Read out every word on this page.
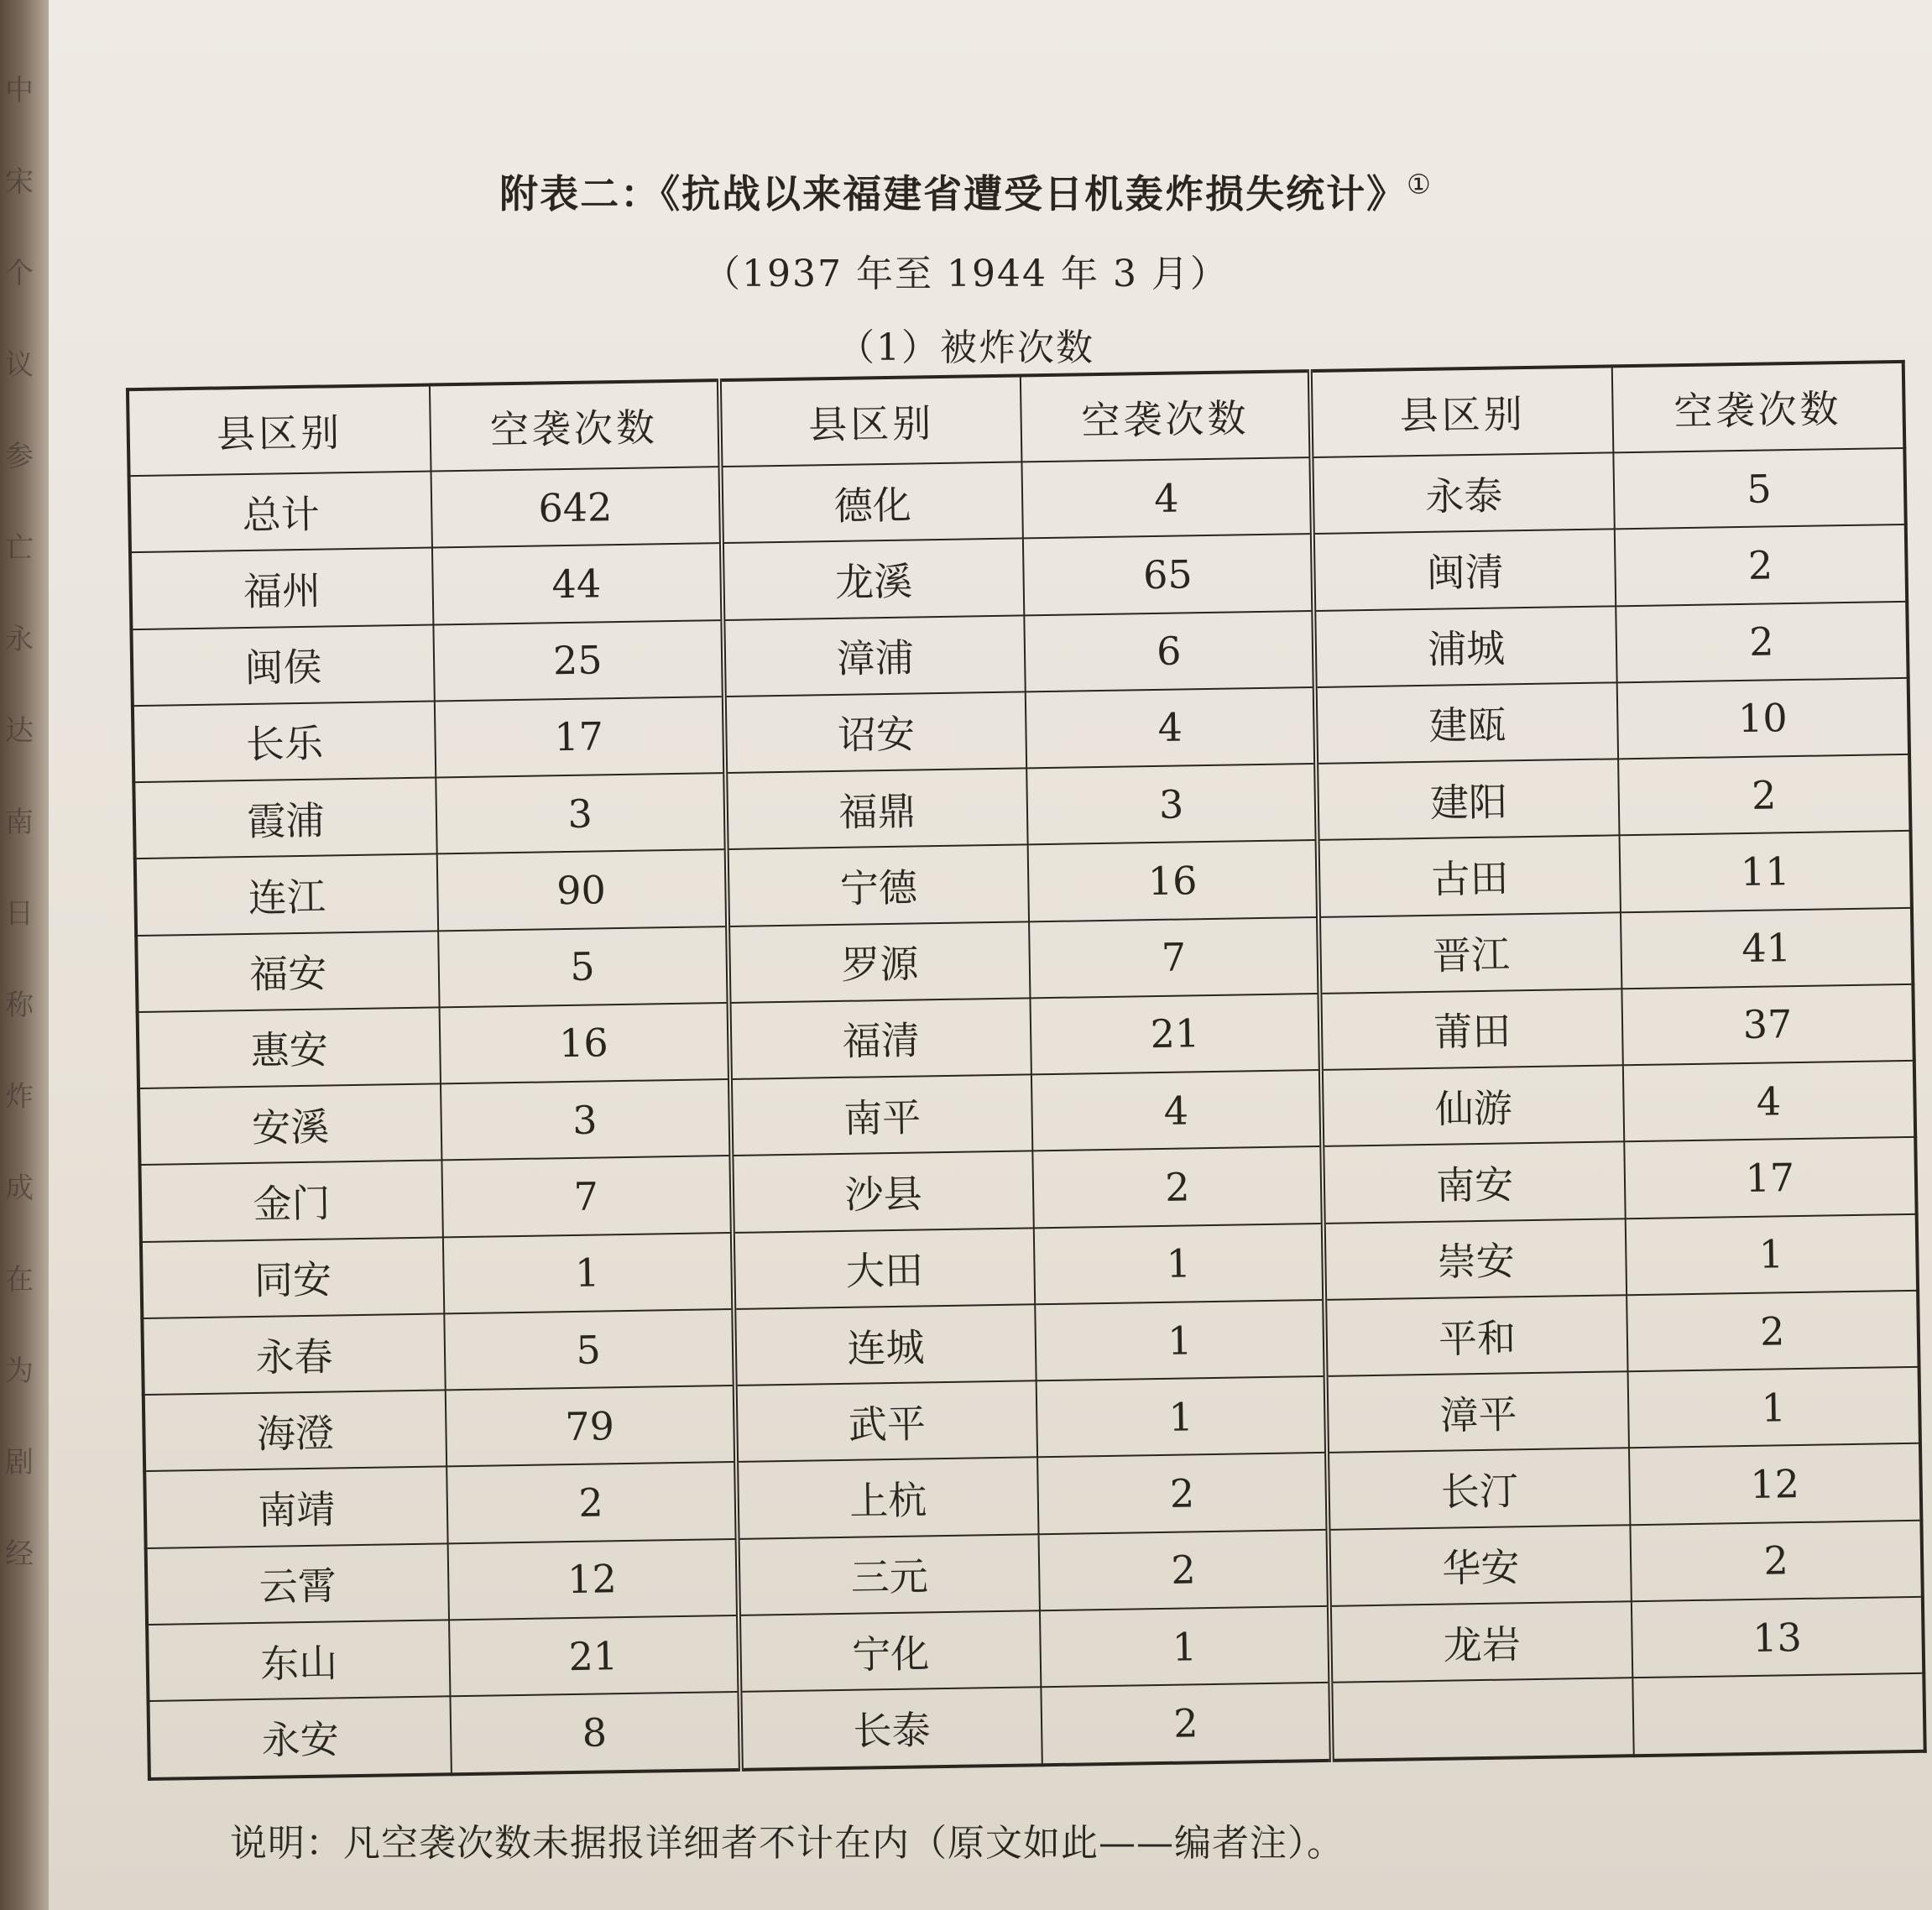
中
宋
个
议
参
亡
永
达
南
日
称
炸
成
在
为
剧
经
附表二：《抗战以来福建省遭受日机轰炸损失统计》①
（1937 年至 1944 年 3 月）
（1）被炸次数
县区别	空袭次数	县区别	空袭次数	县区别	空袭次数
总计	642	德化	4	永泰	5
福州	44	龙溪	65	闽清	2
闽侯	25	漳浦	6	浦城	2
长乐	17	诏安	4	建瓯	10
霞浦	3	福鼎	3	建阳	2
连江	90	宁德	16	古田	11
福安	5	罗源	7	晋江	41
惠安	16	福清	21	莆田	37
安溪	3	南平	4	仙游	4
金门	7	沙县	2	南安	17
同安	1	大田	1	崇安	1
永春	5	连城	1	平和	2
海澄	79	武平	1	漳平	1
南靖	2	上杭	2	长汀	12
云霄	12	三元	2	华安	2
东山	21	宁化	1	龙岩	13
永安	8	长泰	2		
说明：凡空袭次数未据报详细者不计在内（原文如此——编者注）。
